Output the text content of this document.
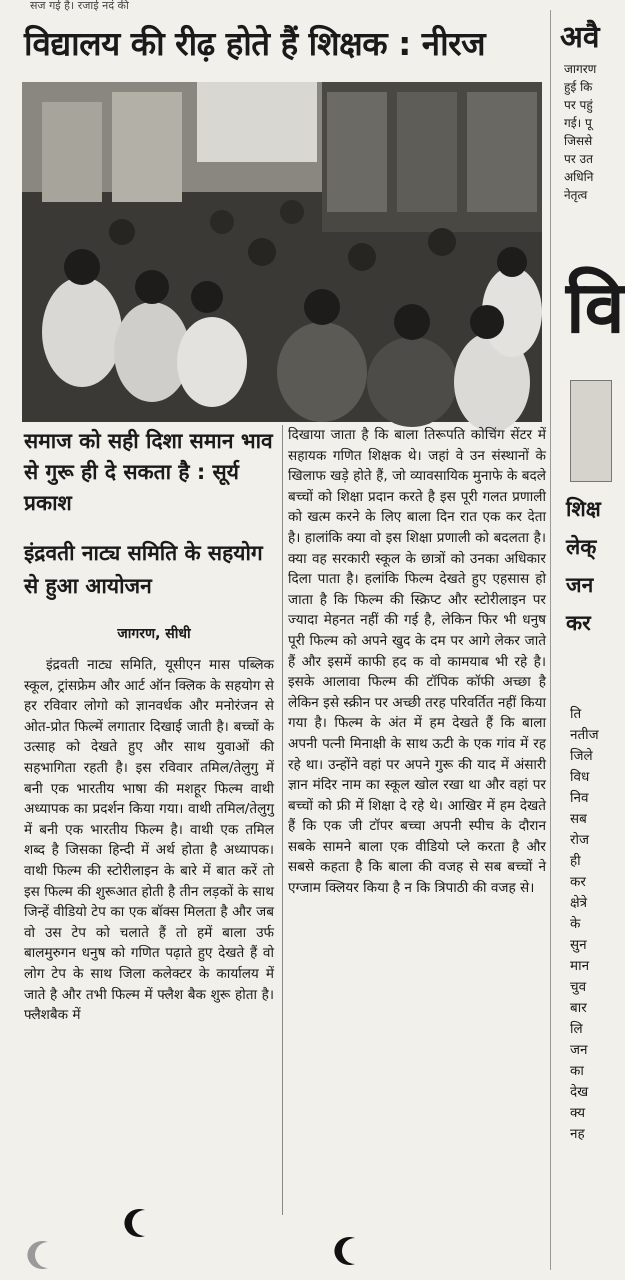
सज गई है। रजाई नदं की
विद्यालय की रीढ़ होते हैं शिक्षक : नीरज
समाज को सही दिशा समान भाव से गुरू ही दे सकता है : सूर्य प्रकाश
इंद्रवती नाट्य समिति के सहयोग से हुआ आयोजन
जागरण, सीधी
इंद्रवती नाट्य समिति, यूसीएन मास पब्लिक स्कूल, ट्रांसफ्रेम और आर्ट ऑन क्लिक के सहयोग से हर रविवार लोगो को ज्ञानवर्धक और मनोरंजन से ओत-प्रोत फिल्में लगातार दिखाई जाती है। बच्चों के उत्साह को देखते हुए और साथ युवाओं की सहभागिता रहती है। इस रविवार तमिल/तेलुगु में बनी एक भारतीय भाषा की मशहूर फिल्म वाथी अध्यापक का प्रदर्शन किया गया। वाथी तमिल/तेलुगु में बनी एक भारतीय फिल्म है। वाथी एक तमिल शब्द है जिसका हिन्दी में अर्थ होता है अध्यापक। वाथी फिल्म की स्टोरीलाइन के बारे में बात करें तो इस फिल्म की शुरूआत होती है तीन लड़कों के साथ जिन्हें वीडियो टेप का एक बॉक्स मिलता है और जब वो उस टेप को चलाते हैं तो हमें बाला उर्फ बालमुरुगन धनुष को गणित पढ़ाते हुए देखते हैं वो लोग टेप के साथ जिला कलेक्टर के कार्यालय में जाते है और तभी फिल्म में फ्लैश बैक शुरू होता है। फ्लैशबैक में
दिखाया जाता है कि बाला तिरूपति कोचिंग सेंटर में सहायक गणित शिक्षक थे। जहां वे उन संस्थानों के खिलाफ खड़े होते हैं, जो व्यावसायिक मुनाफे के बदले बच्चों को शिक्षा प्रदान करते है इस पूरी गलत प्रणाली को खत्म करने के लिए बाला दिन रात एक कर देता है। हालांकि क्या वो इस शिक्षा प्रणाली को बदलता है। क्या वह सरकारी स्कूल के छात्रों को उनका अधिकार दिला पाता है। हलांकि फिल्म देखते हुए एहसास हो जाता है कि फिल्म की स्क्रिप्ट और स्टोरीलाइन पर ज्यादा मेहनत नहीं की गई है, लेकिन फिर भी धनुष पूरी फिल्म को अपने खुद के दम पर आगे लेकर जाते हैं और इसमें काफी हद क वो कामयाब भी रहे है। इसके आलावा फिल्म की टॉपिक कॉफी अच्छा है लेकिन इसे स्क्रीन पर अच्छी तरह परिवर्तित नहीं किया गया है। फिल्म के अंत में हम देखते हैं कि बाला अपनी पत्नी मिनाक्षी के साथ ऊटी के एक गांव में रह रहे था। उन्होंने वहां पर अपने गुरू की याद में अंसारी ज्ञान मंदिर नाम का स्कूल खोल रखा था और वहां पर बच्चों को फ्री में शिक्षा दे रहे थे। आखिर में हम देखते हैं कि एक जी टॉपर बच्चा अपनी स्पीच के दौरान सबके सामने बाला एक वीडियो प्ले करता है और सबसे कहता है कि बाला की वजह से सब बच्चों ने एग्जाम क्लियर किया है न कि त्रिपाठी की वजह से।
अवै
जागरण
हुई कि
पर पहुं
गई। पू
जिससे
पर उत
अधिनि
नेतृत्व
वि
शिक्ष
लेक्
जन
कर
ति
नतीज
जिले
विध
निव
सब
रोज
ही
कर
क्षेत्रे
के
सुन
मान
चुव
बार
लि
जन
का
देख
क्य
नह
